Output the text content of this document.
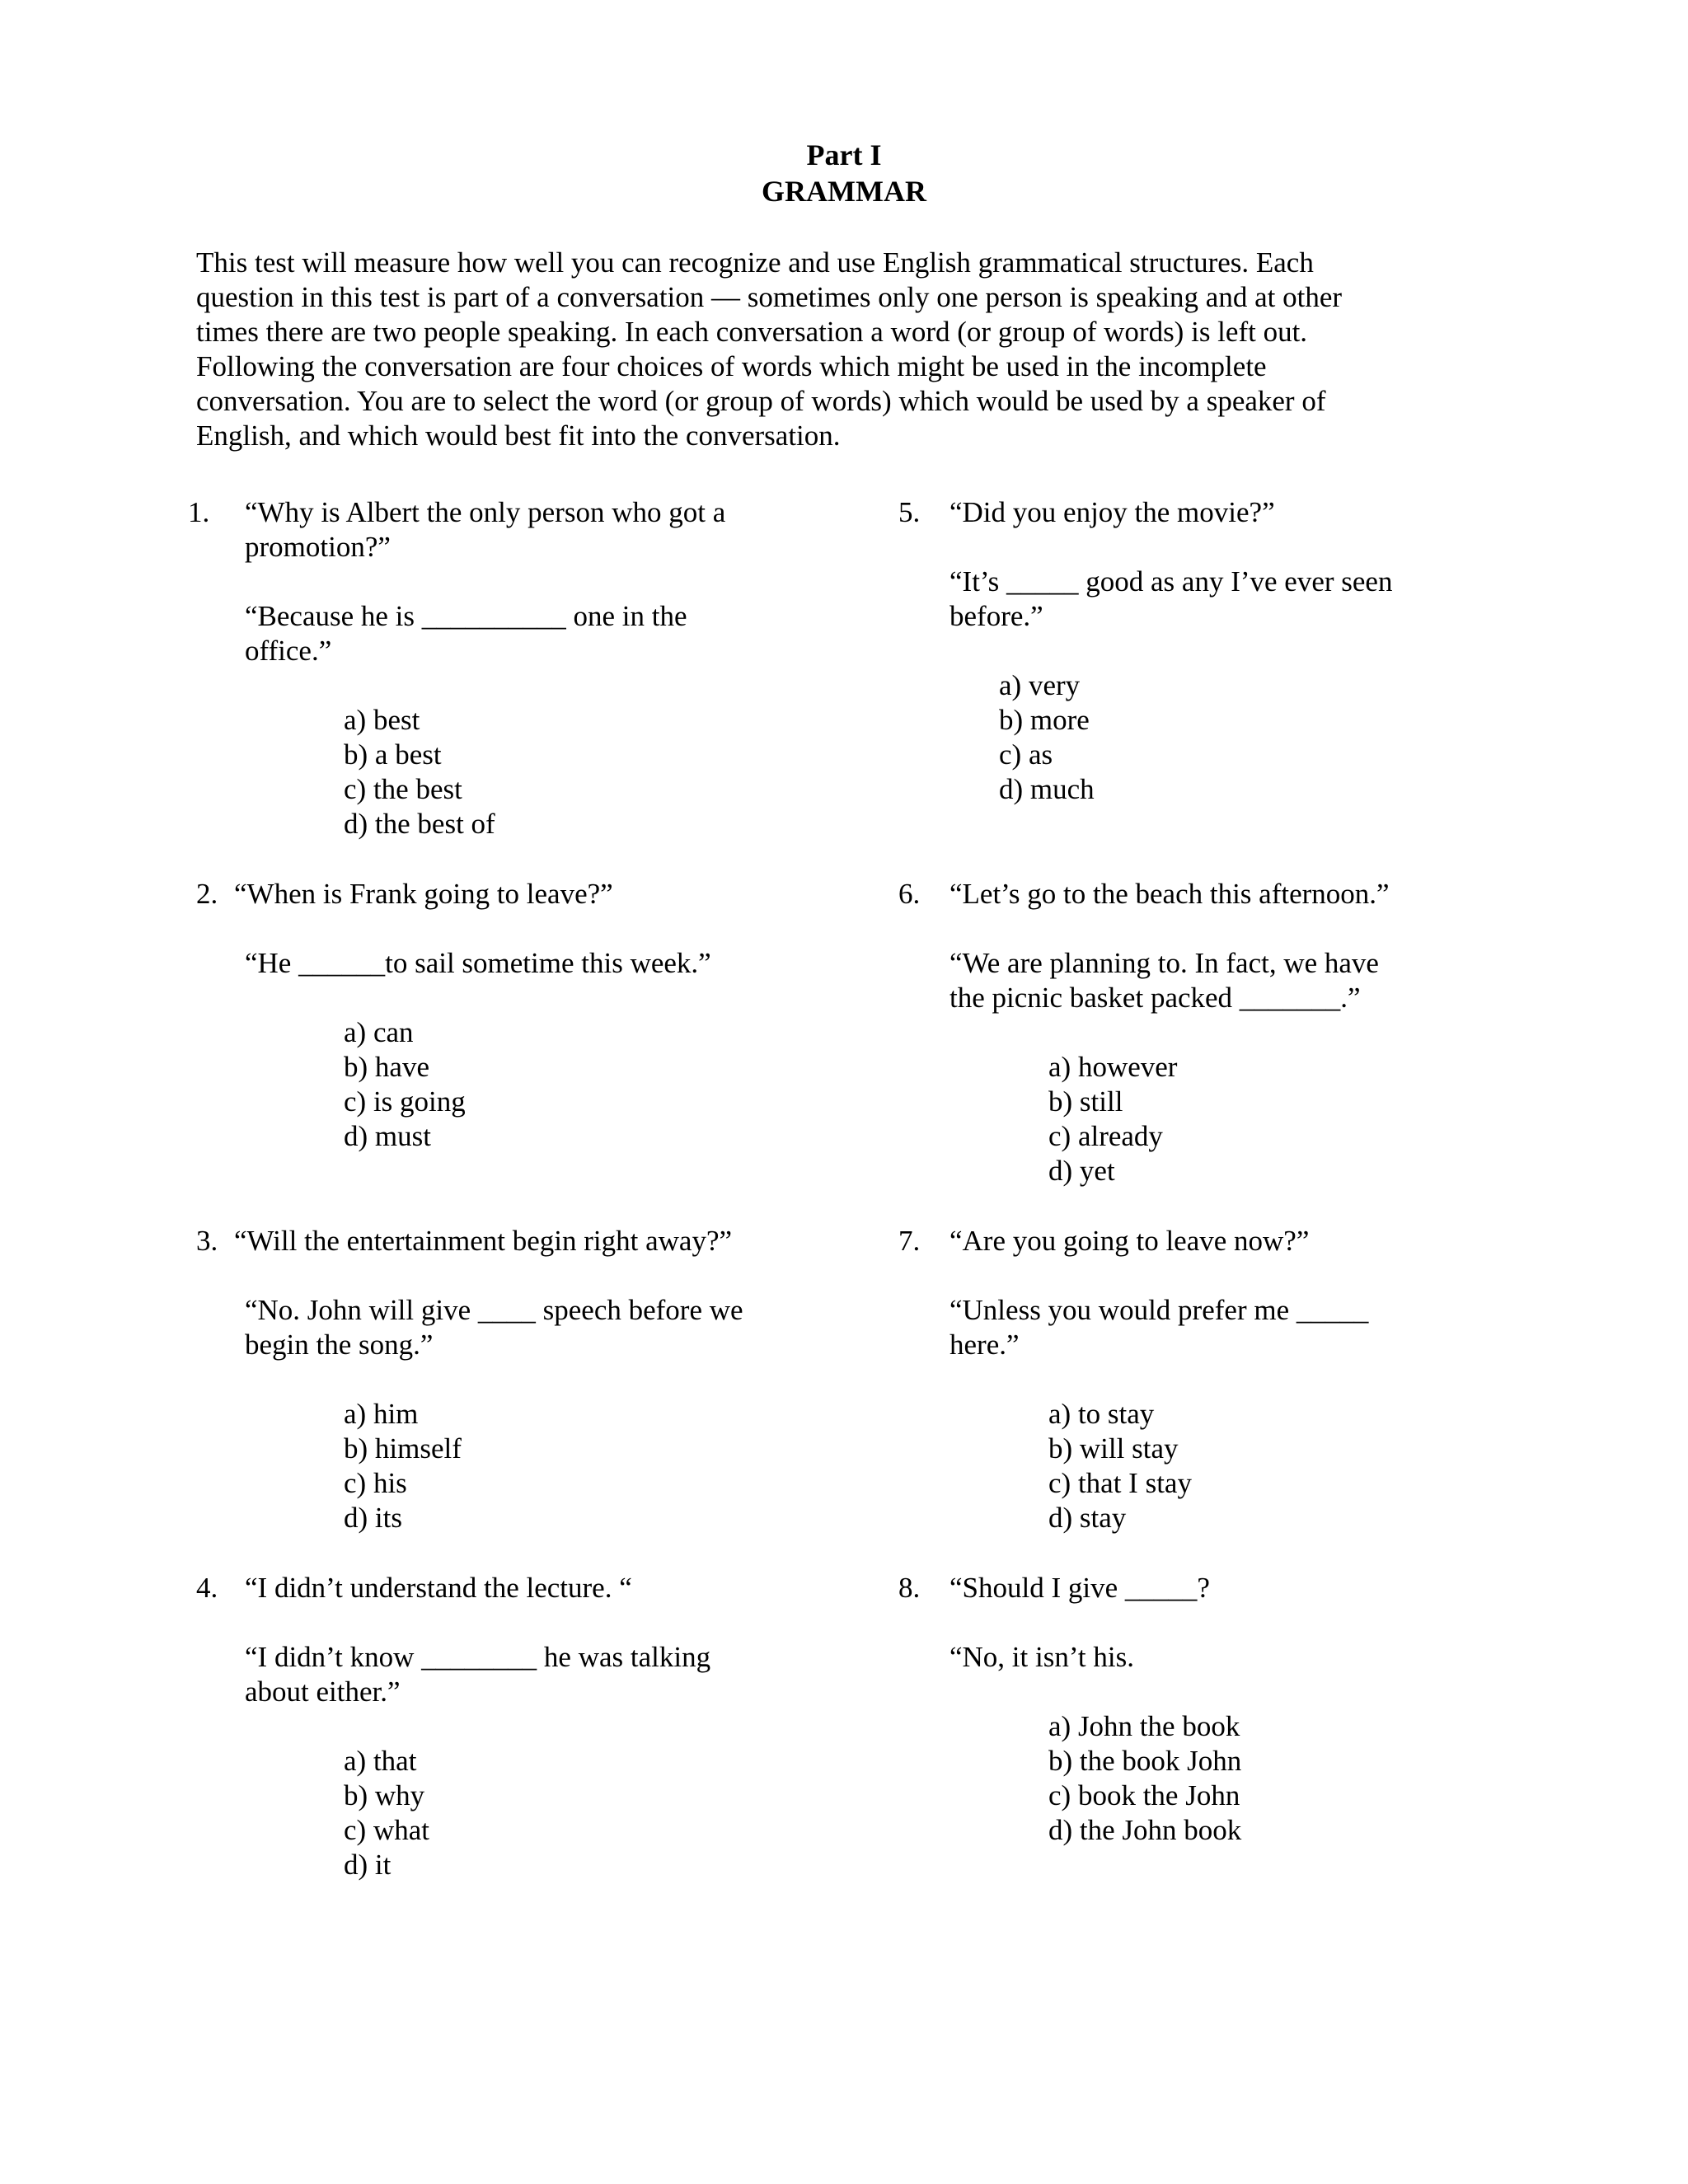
Part I
GRAMMAR
This test will measure how well you can recognize and use English grammatical structures. Each
question in this test is part of a conversation — sometimes only one person is speaking and at other
times there are two people speaking. In each conversation a word (or group of words) is left out.
Following the conversation are four choices of words which might be used in the incomplete
conversation. You are to select the word (or group of words) which would be used by a speaker of
English, and which would best fit into the conversation.
1. “Why is Albert the only person who got a
promotion?”
“Because he is __________ one in the
office.”
a) best
b) a best
c) the best
d) the best of
2. “When is Frank going to leave?”
“He ______to sail sometime this week.”
a) can
b) have
c) is going
d) must
3. “Will the entertainment begin right away?”
“No. John will give ____ speech before we
begin the song.”
a) him
b) himself
c) his
d) its
4. “I didn’t understand the lecture. “
“I didn’t know ________ he was talking
about either.”
a) that
b) why
c) what
d) it
5. “Did you enjoy the movie?”
“It’s _____ good as any I’ve ever seen
before.”
a) very
b) more
c) as
d) much
6. “Let’s go to the beach this afternoon.”
“We are planning to. In fact, we have
the picnic basket packed _______.”
a) however
b) still
c) already
d) yet
7. “Are you going to leave now?”
“Unless you would prefer me _____
here.”
a) to stay
b) will stay
c) that I stay
d) stay
8. “Should I give _____?
“No, it isn’t his.
a) John the book
b) the book John
c) book the John
d) the John book
